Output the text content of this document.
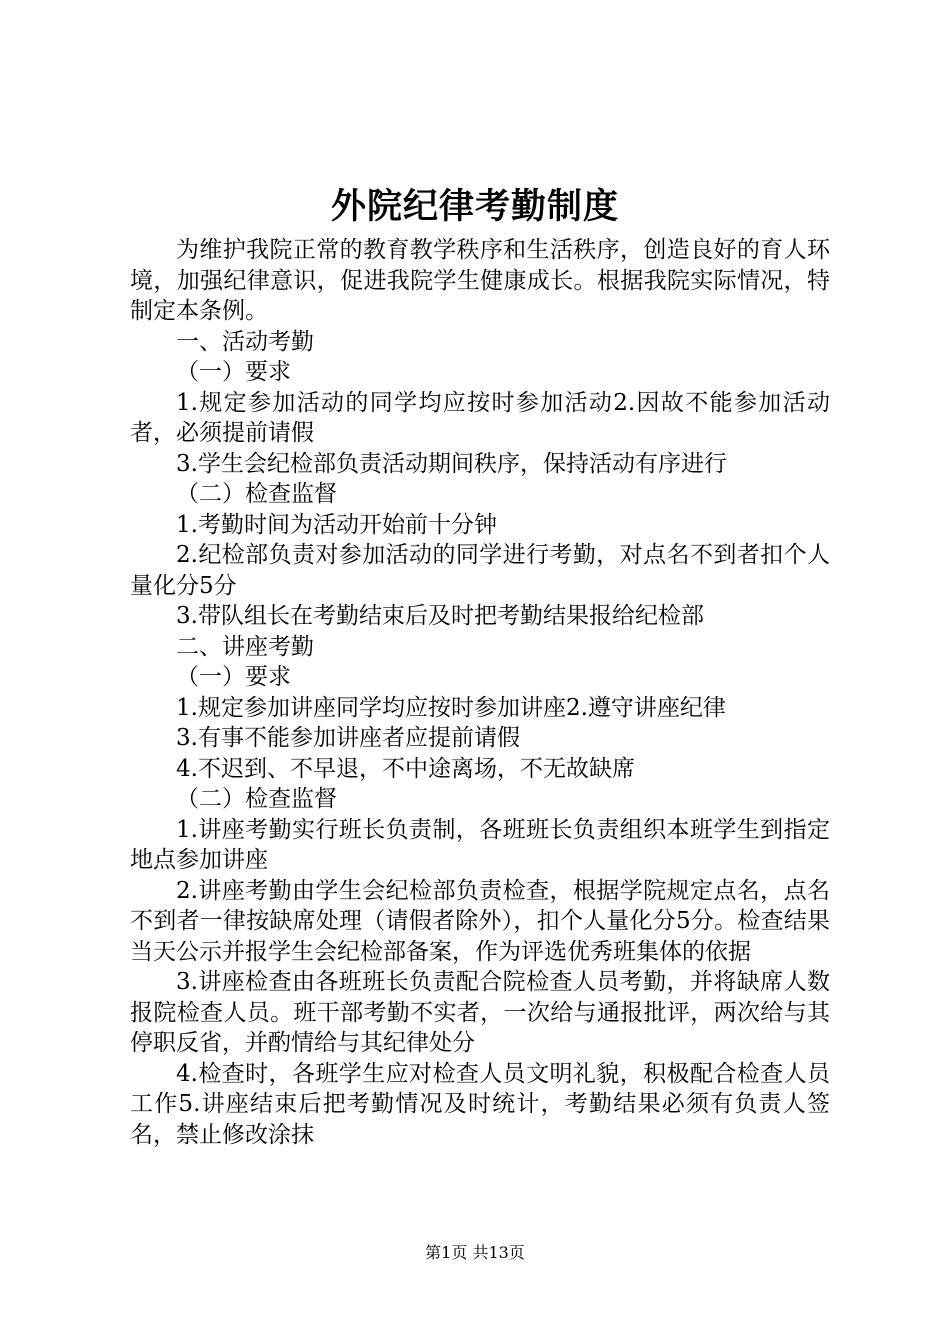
外院纪律考勤制度

为维护我院正常的教育教学秩序和生活秩序，创造良好的育人环境，加强纪律意识，促进我院学生健康成长。根据我院实际情况，特制定本条例。

一、活动考勤

（一）要求

1.规定参加活动的同学均应按时参加活动2.因故不能参加活动者，必须提前请假

3.学生会纪检部负责活动期间秩序，保持活动有序进行

（二）检查监督

1.考勤时间为活动开始前十分钟

2.纪检部负责对参加活动的同学进行考勤，对点名不到者扣个人量化分5分

3.带队组长在考勤结束后及时把考勤结果报给纪检部

二、讲座考勤

（一）要求

1.规定参加讲座同学均应按时参加讲座2.遵守讲座纪律

3.有事不能参加讲座者应提前请假

4.不迟到、不早退，不中途离场，不无故缺席

（二）检查监督

1.讲座考勤实行班长负责制，各班班长负责组织本班学生到指定地点参加讲座

2.讲座考勤由学生会纪检部负责检查，根据学院规定点名，点名不到者一律按缺席处理（请假者除外），扣个人量化分5分。检查结果当天公示并报学生会纪检部备案，作为评选优秀班集体的依据

3.讲座检查由各班班长负责配合院检查人员考勤，并将缺席人数报院检查人员。班干部考勤不实者，一次给与通报批评，两次给与其停职反省，并酌情给与其纪律处分

4.检查时，各班学生应对检查人员文明礼貌，积极配合检查人员工作5.讲座结束后把考勤情况及时统计，考勤结果必须有负责人签名，禁止修改涂抹

第1页 共13页
